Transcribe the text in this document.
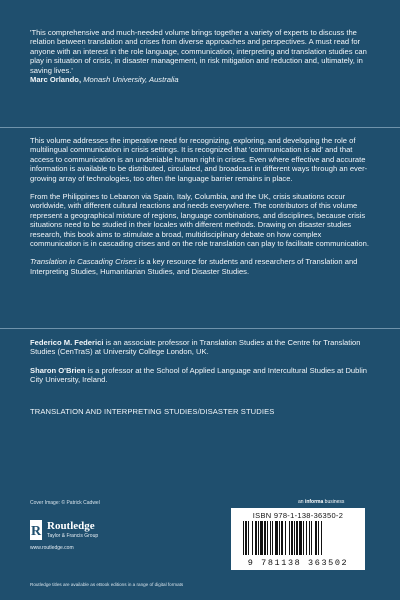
'This comprehensive and much-needed volume brings together a variety of experts to discuss the relation between translation and crises from diverse approaches and perspectives. A must read for anyone with an interest in the role language, communication, interpreting and translation studies can play in situation of crisis, in disaster management, in risk mitigation and reduction and, ultimately, in saving lives.'

Marc Orlando, Monash University, Australia

This volume addresses the imperative need for recognizing, exploring, and developing the role of multilingual communication in crisis settings. It is recognized that 'communication is aid' and that access to communication is an undeniable human right in crises. Even where effective and accurate information is available to be distributed, circulated, and broadcast in different ways through an ever-growing array of technologies, too often the language barrier remains in place.

From the Philippines to Lebanon via Spain, Italy, Columbia, and the UK, crisis situations occur worldwide, with different cultural reactions and needs everywhere. The contributors of this volume represent a geographical mixture of regions, language combinations, and disciplines, because crisis situations need to be studied in their locales with different methods. Drawing on disaster studies research, this book aims to stimulate a broad, multidisciplinary debate on how complex communication is in cascading crises and on the role translation can play to facilitate communication.

Translation in Cascading Crises is a key resource for students and researchers of Translation and Interpreting Studies, Humanitarian Studies, and Disaster Studies.

Federico M. Federici is an associate professor in Translation Studies at the Centre for Translation Studies (CenTraS) at University College London, UK.

Sharon O'Brien is a professor at the School of Applied Language and Intercultural Studies at Dublin City University, Ireland.

TRANSLATION AND INTERPRETING STUDIES/DISASTER STUDIES
Cover Image: © Patrick Cadwel
R Routledge
Taylor & Francis Group
www.routledge.com
an informa business
ISBN 978-1-138-36350-2
9 781138 363502
Routledge titles are available as eBook editions in a range of digital formats
